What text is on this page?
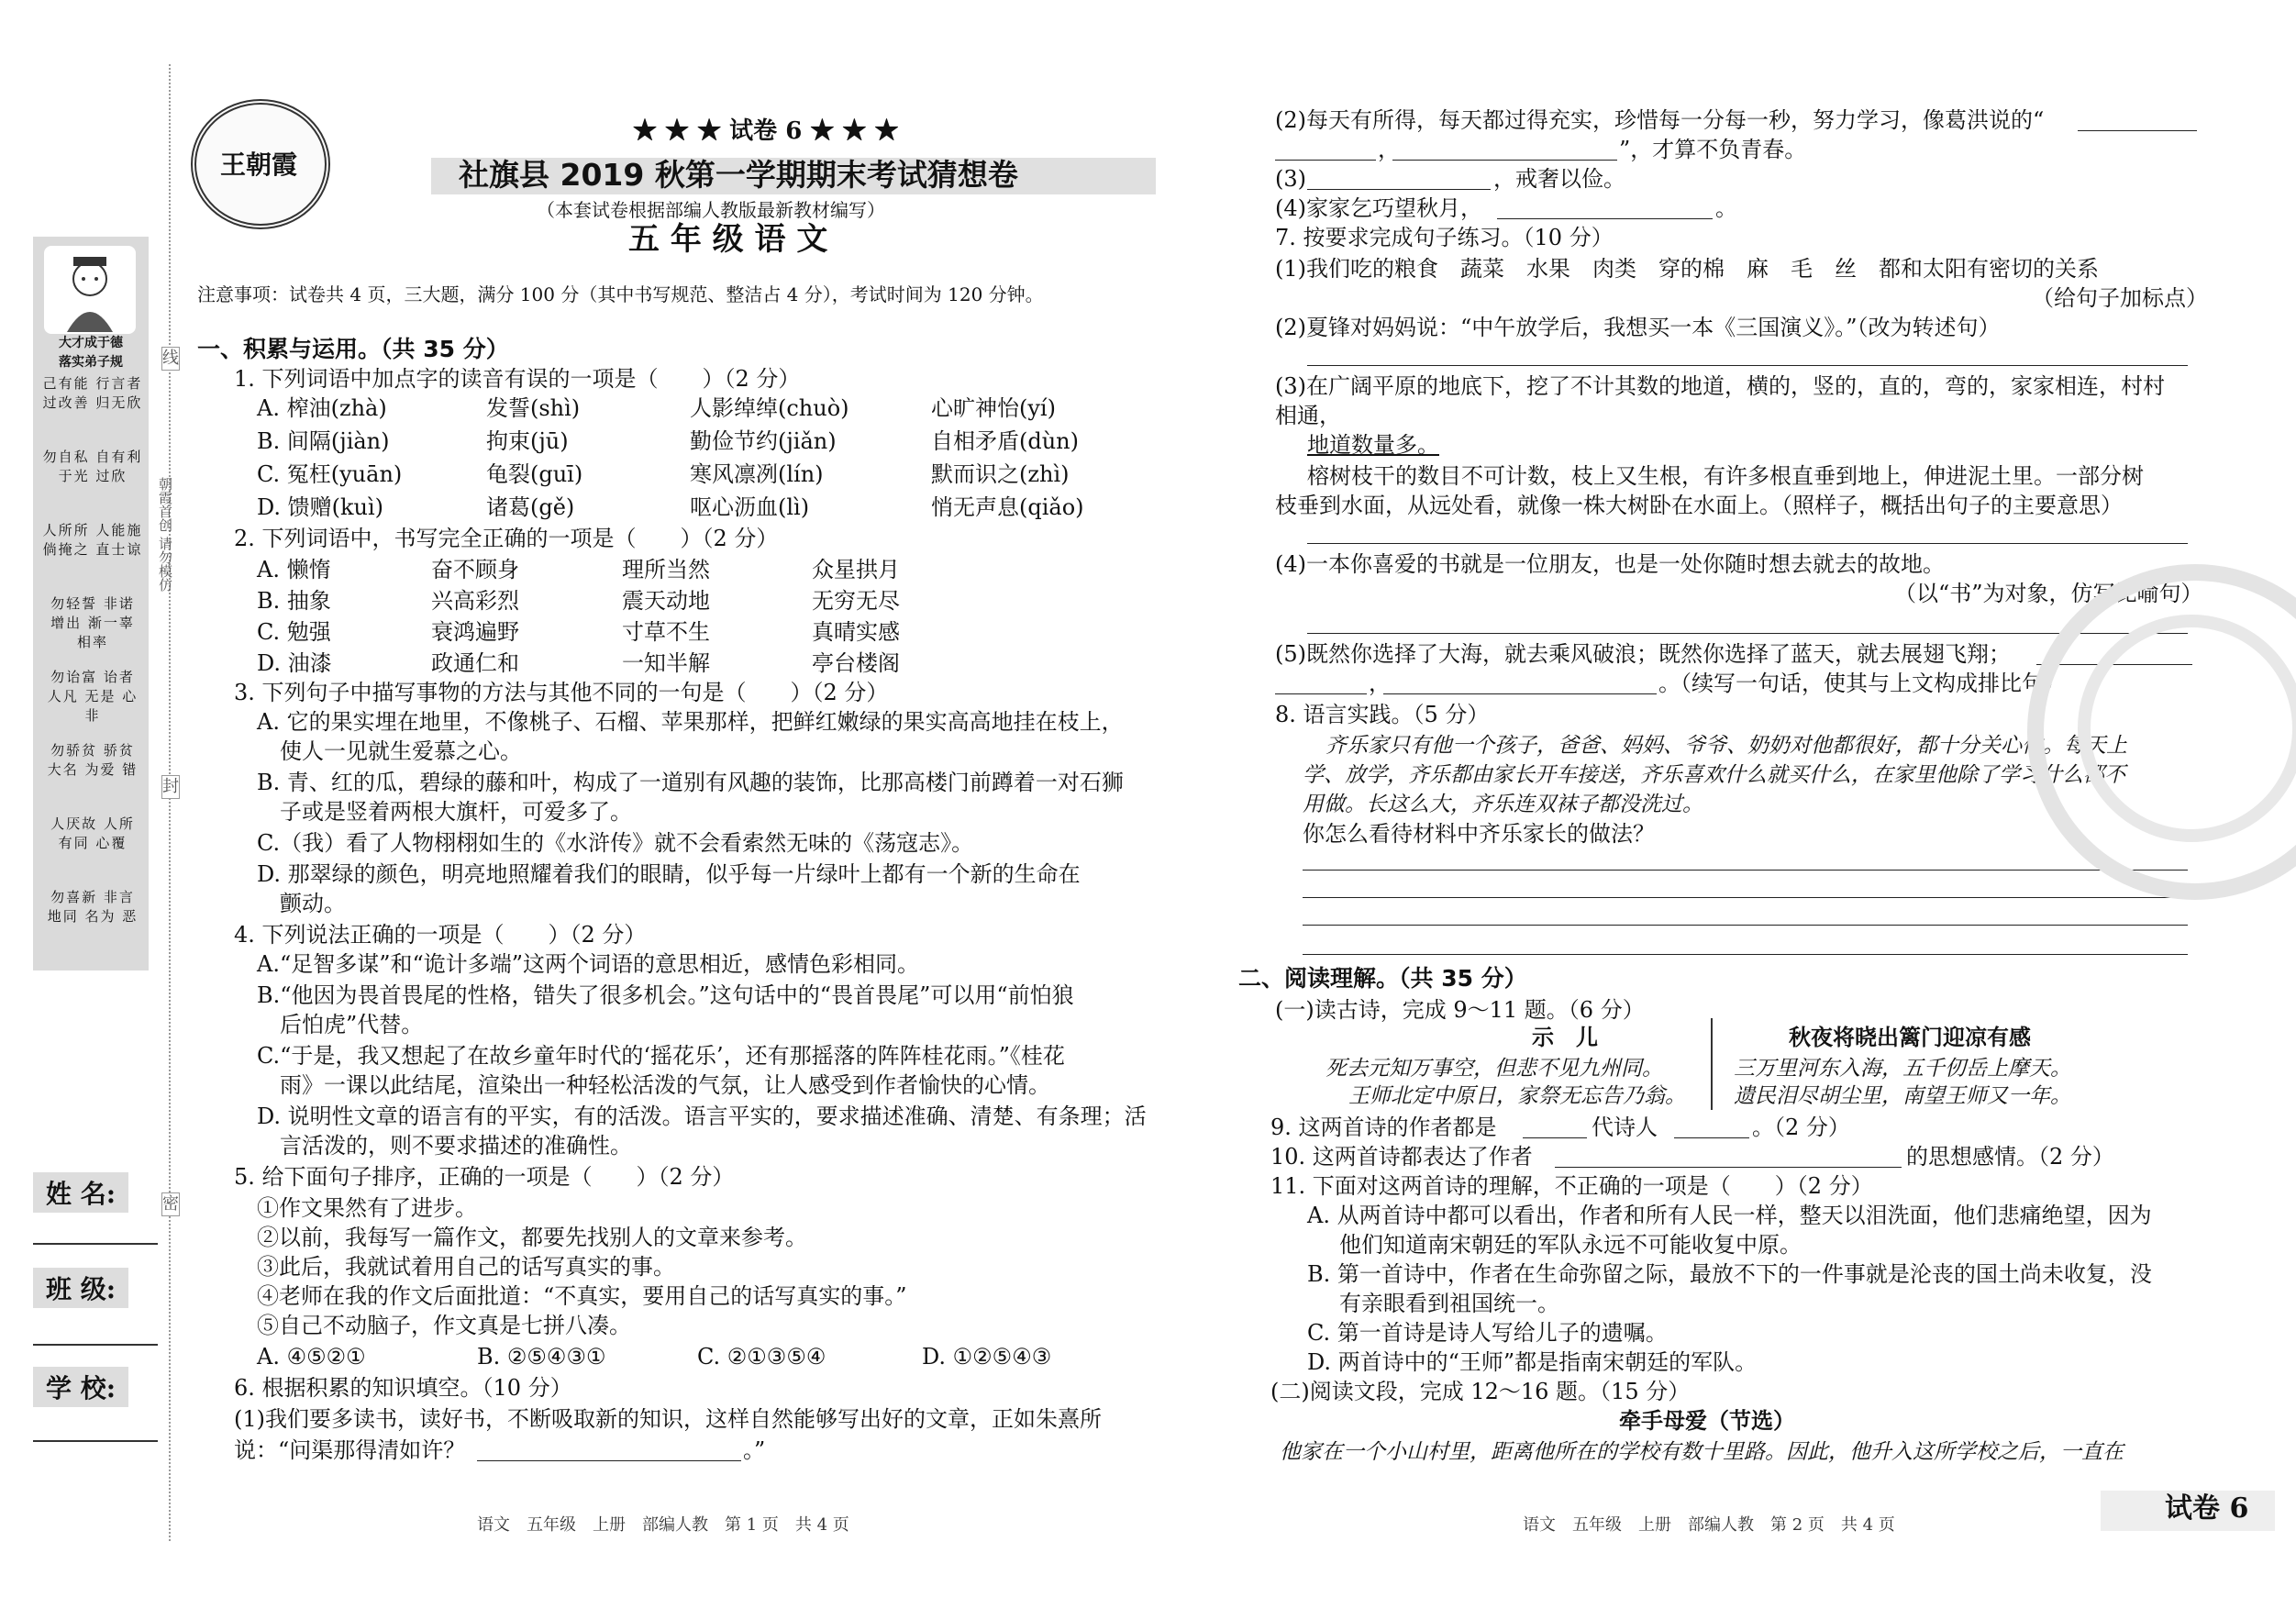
线
封
密
朝霞首创 请勿模仿
大才成于德
落实弟子规
己有能 行言者 过改善 归无欣
勿自私 自有利 于光 过欣
人所所 人能施 倘掩之 直士谅
勿轻誓 非诺 增出 渐一辜 相率
勿诒富 诒者 人凡 无是 心非
勿骄贫 骄贫 大名 为爱 错
人厌故 人所 有同 心覆
勿喜新 非言 地同 名为 恶
姓 名:
班 级:
学 校:
王朝霞
★ ★ ★ 试卷 6 ★ ★ ★
社旗县 2019 秋第一学期期末考试猜想卷
（本套试卷根据部编人教版最新教材编写）
五 年 级 语 文
注意事项：试卷共 4 页，三大题，满分 100 分（其中书写规范、整洁占 4 分），考试时间为 120 分钟。
一、积累与运用。（共 35 分）
1. 下列词语中加点字的读音有误的一项是（　　）（2 分）
A. 榨油(zhà)	发誓(shì)	人影绰绰(chuò)	心旷神怡(yí)
B. 间隔(jiàn)	拘束(jū)	勤俭节约(jiǎn)	自相矛盾(dùn)
C. 冤枉(yuān)	龟裂(guī)	寒风凛冽(lín)	默而识之(zhì)
D. 馈赠(kuì)	诸葛(gě)	呕心沥血(lì)	悄无声息(qiǎo)
2. 下列词语中，书写完全正确的一项是（　　）（2 分）
A. 懒惰	奋不顾身	理所当然	众星拱月
B. 抽象	兴高彩烈	震天动地	无穷无尽
C. 勉强	衰鸿遍野	寸草不生	真晴实感
D. 油漆	政通仁和	一知半解	亭台楼阁
3. 下列句子中描写事物的方法与其他不同的一句是（　　）（2 分）
A. 它的果实埋在地里，不像桃子、石榴、苹果那样，把鲜红嫩绿的果实高高地挂在枝上，
使人一见就生爱慕之心。
B. 青、红的瓜，碧绿的藤和叶，构成了一道别有风趣的装饰，比那高楼门前蹲着一对石狮
子或是竖着两根大旗杆，可爱多了。
C.（我）看了人物栩栩如生的《水浒传》就不会看索然无味的《荡寇志》。
D. 那翠绿的颜色，明亮地照耀着我们的眼睛，似乎每一片绿叶上都有一个新的生命在
颤动。
4. 下列说法正确的一项是（　　）（2 分）
A.“足智多谋”和“诡计多端”这两个词语的意思相近，感情色彩相同。
B.“他因为畏首畏尾的性格，错失了很多机会。”这句话中的“畏首畏尾”可以用“前怕狼
后怕虎”代替。
C.“于是，我又想起了在故乡童年时代的‘摇花乐’，还有那摇落的阵阵桂花雨。”《桂花
雨》一课以此结尾，渲染出一种轻松活泼的气氛，让人感受到作者愉快的心情。
D. 说明性文章的语言有的平实，有的活泼。语言平实的，要求描述准确、清楚、有条理；活
言活泼的，则不要求描述的准确性。
5. 给下面句子排序，正确的一项是（　　）（2 分）
①作文果然有了进步。
②以前，我每写一篇作文，都要先找别人的文章来参考。
③此后，我就试着用自己的话写真实的事。
④老师在我的作文后面批道：“不真实，要用自己的话写真实的事。”
⑤自己不动脑子，作文真是七拼八凑。
A. ④⑤②①	B. ②⑤④③①	C. ②①③⑤④	D. ①②⑤④③
6. 根据积累的知识填空。（10 分）
(1)我们要多读书，读好书，不断吸取新的知识，这样自然能够写出好的文章，正如朱熹所
说：“问渠那得清如许？	。”
(2)每天有所得，每天都过得充实，珍惜每一分每一秒，努力学习，像葛洪说的“
，	”，才算不负青春。
(3)	，戒奢以俭。
(4)家家乞巧望秋月，	。
7. 按要求完成句子练习。（10 分）
(1)我们吃的粮食　蔬菜　水果　肉类　穿的棉　麻　毛　丝　都和太阳有密切的关系
（给句子加标点）
(2)夏锋对妈妈说：“中午放学后，我想买一本《三国演义》。”（改为转述句）
(3)在广阔平原的地底下，挖了不计其数的地道，横的，竖的，直的，弯的，家家相连，村村
相通，
地道数量多。
榕树枝干的数目不可计数，枝上又生根，有许多根直垂到地上，伸进泥土里。一部分树
枝垂到水面，从远处看，就像一株大树卧在水面上。（照样子，概括出句子的主要意思）
(4)一本你喜爱的书就是一位朋友，也是一处你随时想去就去的故地。
（以“书”为对象，仿写比喻句）
(5)既然你选择了大海，就去乘风破浪；既然你选择了蓝天，就去展翅飞翔；
，	。（续写一句话，使其与上文构成排比句）
8. 语言实践。（5 分）
齐乐家只有他一个孩子，爸爸、妈妈、爷爷、奶奶对他都很好，都十分关心他。每天上
学、放学，齐乐都由家长开车接送，齐乐喜欢什么就买什么，在家里他除了学习什么都不
用做。长这么大，齐乐连双袜子都没洗过。
你怎么看待材料中齐乐家长的做法？
二、阅读理解。（共 35 分）
(一)读古诗，完成 9～11 题。（6 分）
示　儿
死去元知万事空，但悲不见九州同。
王师北定中原日，家祭无忘告乃翁。
秋夜将晓出篱门迎凉有感
三万里河东入海，五千仞岳上摩天。
遗民泪尽胡尘里，南望王师又一年。
9. 这两首诗的作者都是	代诗人	。（2 分）
10. 这两首诗都表达了作者	的思想感情。（2 分）
11. 下面对这两首诗的理解，不正确的一项是（　　）（2 分）
A. 从两首诗中都可以看出，作者和所有人民一样，整天以泪洗面，他们悲痛绝望，因为
他们知道南宋朝廷的军队永远不可能收复中原。
B. 第一首诗中，作者在生命弥留之际，最放不下的一件事就是沦丧的国土尚未收复，没
有亲眼看到祖国统一。
C. 第一首诗是诗人写给儿子的遗嘱。
D. 两首诗中的“王师”都是指南宋朝廷的军队。
(二)阅读文段，完成 12～16 题。（15 分）
牵手母爱（节选）
他家在一个小山村里，距离他所在的学校有数十里路。因此，他升入这所学校之后，一直在
语文　五年级　上册　部编人教　第 1 页　共 4 页	语文　五年级　上册　部编人教　第 2 页　共 4 页
试卷 6
